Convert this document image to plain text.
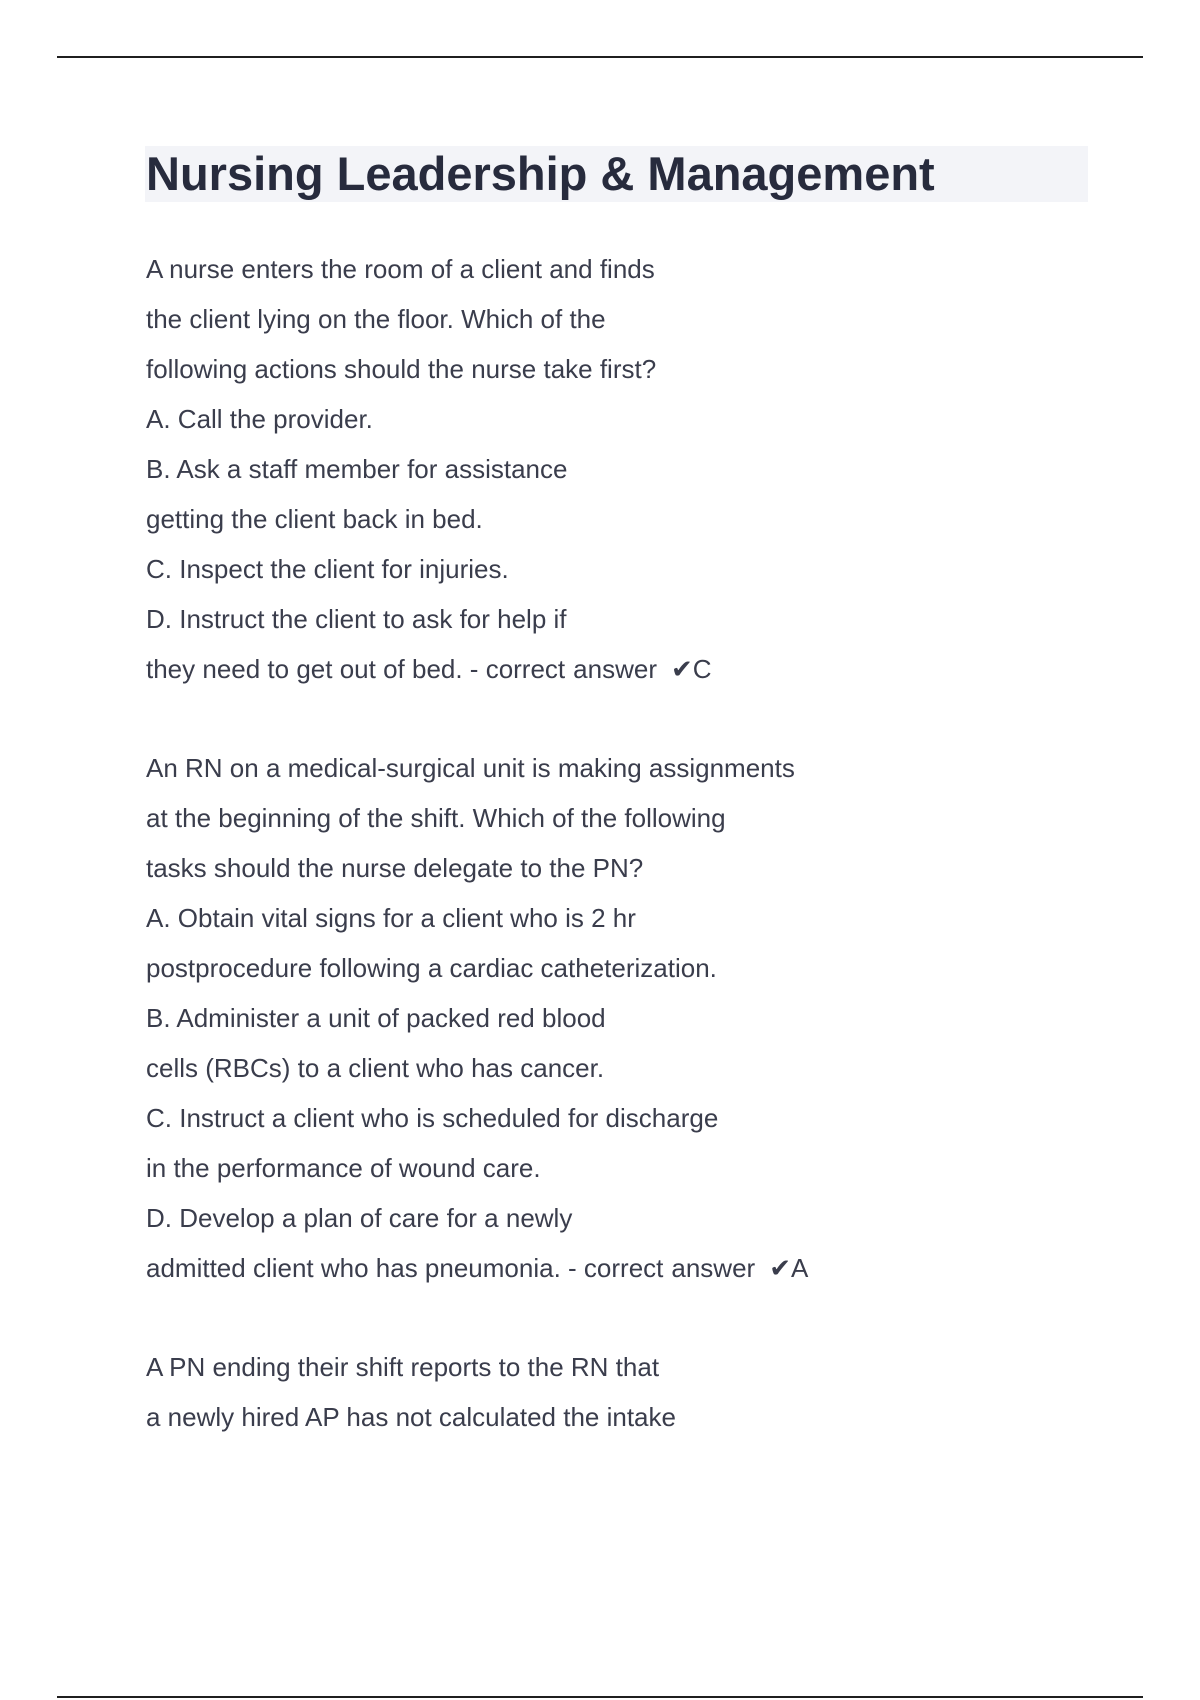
Nursing Leadership & Management
A nurse enters the room of a client and finds
the client lying on the floor. Which of the
following actions should the nurse take first?
A. Call the provider.
B. Ask a staff member for assistance
getting the client back in bed.
C. Inspect the client for injuries.
D. Instruct the client to ask for help if
they need to get out of bed. - correct answer ✔C
An RN on a medical-surgical unit is making assignments
at the beginning of the shift. Which of the following
tasks should the nurse delegate to the PN?
A. Obtain vital signs for a client who is 2 hr
postprocedure following a cardiac catheterization.
B. Administer a unit of packed red blood
cells (RBCs) to a client who has cancer.
C. Instruct a client who is scheduled for discharge
in the performance of wound care.
D. Develop a plan of care for a newly
admitted client who has pneumonia. - correct answer ✔A
A PN ending their shift reports to the RN that
a newly hired AP has not calculated the intake
